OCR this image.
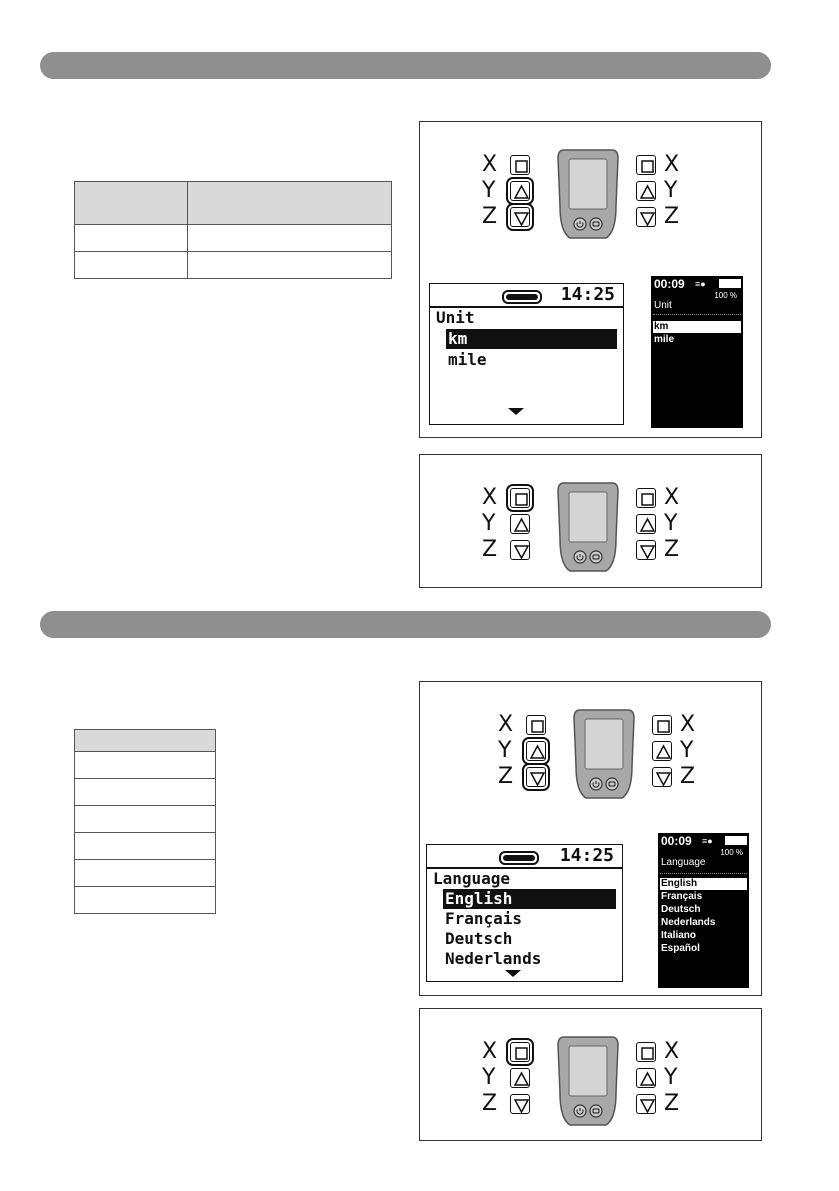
X
Y
Z
X
Y
Z
14:25
Unit
km
mile
00:09 ≡●
100 %
Unit
km
mile
X
Y
Z
X
Y
Z
X
Y
Z
X
Y
Z
14:25
Language
English
Français
Deutsch
Nederlands
00:09 ≡●
100 %
Language
English
Français
Deutsch
Nederlands
Italiano
Español
X
Y
Z
X
Y
Z
